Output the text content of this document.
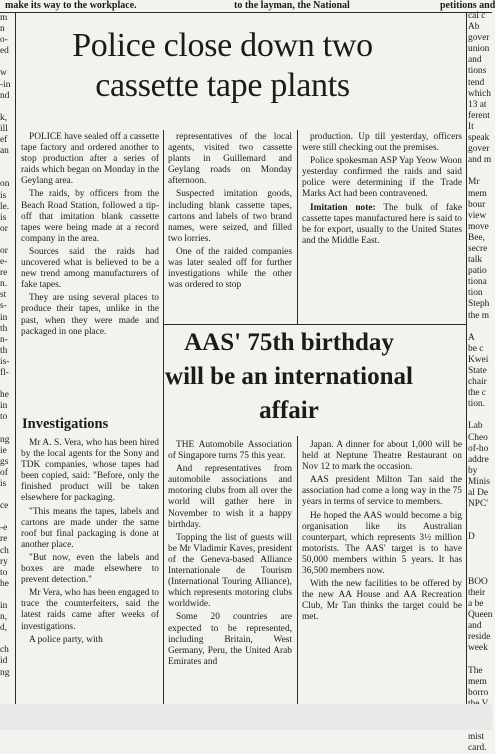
make its way to the workplace.	to the layman, the National	petitions and
m
n
o-
ed
w
-in
nd
k,
ill
ef
an
on
is
le.
is
or
or
e-
re
n.
st
s-
in
th
n-
th
is-
fl-
he
in
to
ng
ie
gs
of
is
ce
-e
re
ch
ry
to
he
in
n,
d,
ch
id
ng
cal c
Ab
gover
union
and
tions
tend
which
13 at
ferent
It
speak
gover
and m
Mr
mem
bour
view
move
Bee,
secre
talk
patio
tiona
tion
Steph
the m
A
be c
Kwei
State
chair
the c
tion.
Lab
Cheo
of-ho
addre
by
Minis
al De
NPC'
D
BOO
their
a be
Queen
and
reside
week
The
mem
borro
mist
card.
Police close down two cassette tape plants

POLICE have sealed off a cassette tape factory and ordered another to stop production after a series of raids which began on Monday in the Geylang area.

The raids, by officers from the Beach Road Station, followed a tip-off that imitation blank cassette tapes were being made at a record company in the area.

Sources said the raids had uncovered what is believed to be a new trend among manufacturers of fake tapes.

They are using several places to produce their tapes, unlike in the past, when they were made and packaged in one place.

Investigations

Mr A. S. Vera, who has been hired by the local agents for the Sony and TDK companies, whose tapes had been copied, said: "Before, only the finished product will be taken elsewhere for packaging.

"This means the tapes, labels and cartons are made under the same roof but final packaging is done at another place.

"But now, even the labels and boxes are made elsewhere to prevent detection."

Mr Vera, who has been engaged to trace the counterfeiters, said the latest raids came after weeks of investigations.

A police party, with

representatives of the local agents, visited two cassette plants in Guillemard and Geylang roads on Monday afternoon.

Suspected imitation goods, including blank cassette tapes, cartons and labels of two brand names, were seized, and filled two lorries.

One of the raided companies was later sealed off for further investigations while the other was ordered to stop

production. Up till yesterday, officers were still checking out the premises.

Police spokesman ASP Yap Yeow Woon yesterday confirmed the raids and said police were determining if the Trade Marks Act had been contravened.

Imitation note: The bulk of fake cassette tapes manufactured here is said to be for export, usually to the United States and the Middle East.

AAS' 75th birthday will be an international affair

THE Automobile Association of Singapore turns 75 this year.

And representatives from automobile associations and motoring clubs from all over the world will gather here in November to wish it a happy birthday.

Topping the list of guests will be Mr Vladimir Kaves, president of the Geneva-based Alliance Internationale de Tourism (International Touring Alliance), which represents motoring clubs worldwide.

Some 20 countries are expected to be represented, including Britain, West Germany, Peru, the United Arab Emirates and

Japan. A dinner for about 1,000 will be held at Neptune Theatre Restaurant on Nov 12 to mark the occasion.

AAS president Milton Tan said the association had come a long way in the 75 years in terms of service to members.

He hoped the AAS would become a big organisation like its Australian counterpart, which represents 3½ million motorists. The AAS' target is to have 50,000 members within 5 years. It has 36,500 members now.

With the new facilities to be offered by the new AA House and AA Recreation Club, Mr Tan thinks the target could be met.
